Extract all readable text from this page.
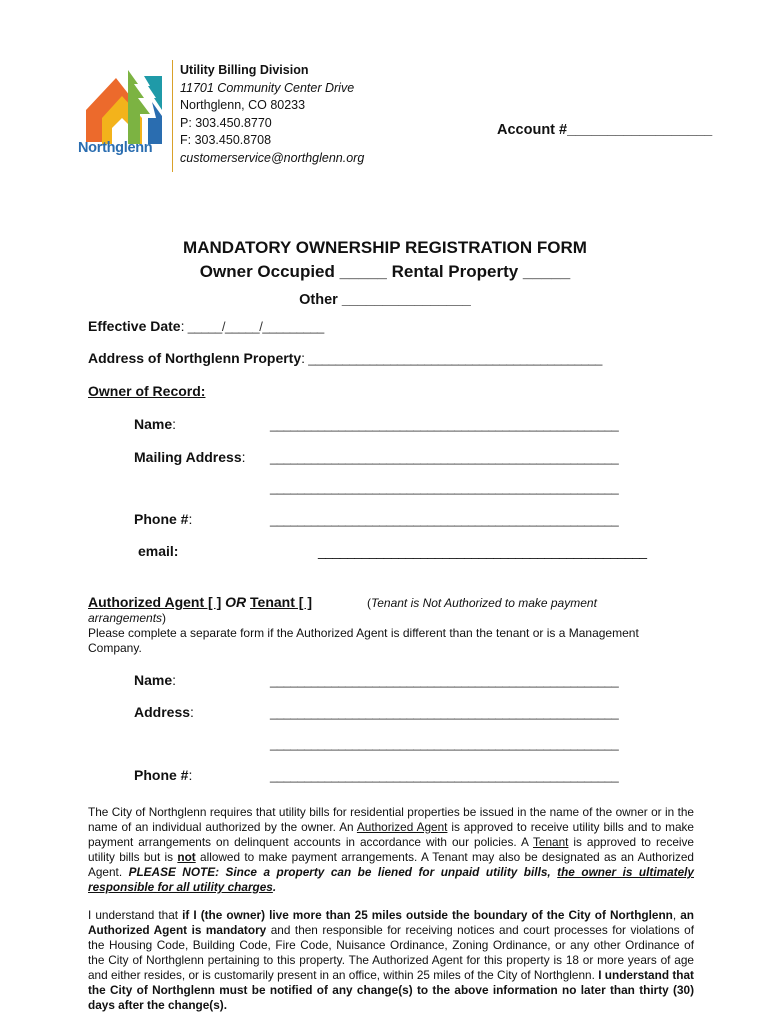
Northglenn
Utility Billing Division
11701 Community Center Drive
Northglenn, CO 80233
P: 303.450.8770
F: 303.450.8708
customerservice@northglenn.org
Account #__________________
MANDATORY OWNERSHIP REGISTRATION FORM
Owner Occupied _____ Rental Property _____
Other ________________
Effective Date: _____/_____/_________
Address of Northglenn Property: ___________________________________________
Owner of Record:
Name:	___________________________________________________
Mailing Address: ___________________________________________________
___________________________________________________
Phone #:	___________________________________________________
email:	_____________________________________________
Authorized Agent [ ] OR Tenant [ ]	(Tenant is Not Authorized to make payment arrangements)
Please complete a separate form if the Authorized Agent is different than the tenant or is a Management Company.
Name:	___________________________________________________
Address:	___________________________________________________
___________________________________________________
Phone #:	___________________________________________________
The City of Northglenn requires that utility bills for residential properties be issued in the name of the owner or in the name of an individual authorized by the owner. An Authorized Agent is approved to receive utility bills and to make payment arrangements on delinquent accounts in accordance with our policies. A Tenant is approved to receive utility bills but is not allowed to make payment arrangements. A Tenant may also be designated as an Authorized Agent. PLEASE NOTE: Since a property can be liened for unpaid utility bills, the owner is ultimately responsible for all utility charges.
I understand that if I (the owner) live more than 25 miles outside the boundary of the City of Northglenn, an Authorized Agent is mandatory and then responsible for receiving notices and court processes for violations of the Housing Code, Building Code, Fire Code, Nuisance Ordinance, Zoning Ordinance, or any other Ordinance of the City of Northglenn pertaining to this property. The Authorized Agent for this property is 18 or more years of age and either resides, or is customarily present in an office, within 25 miles of the City of Northglenn. I understand that the City of Northglenn must be notified of any change(s) to the above information no later than thirty (30) days after the change(s).
